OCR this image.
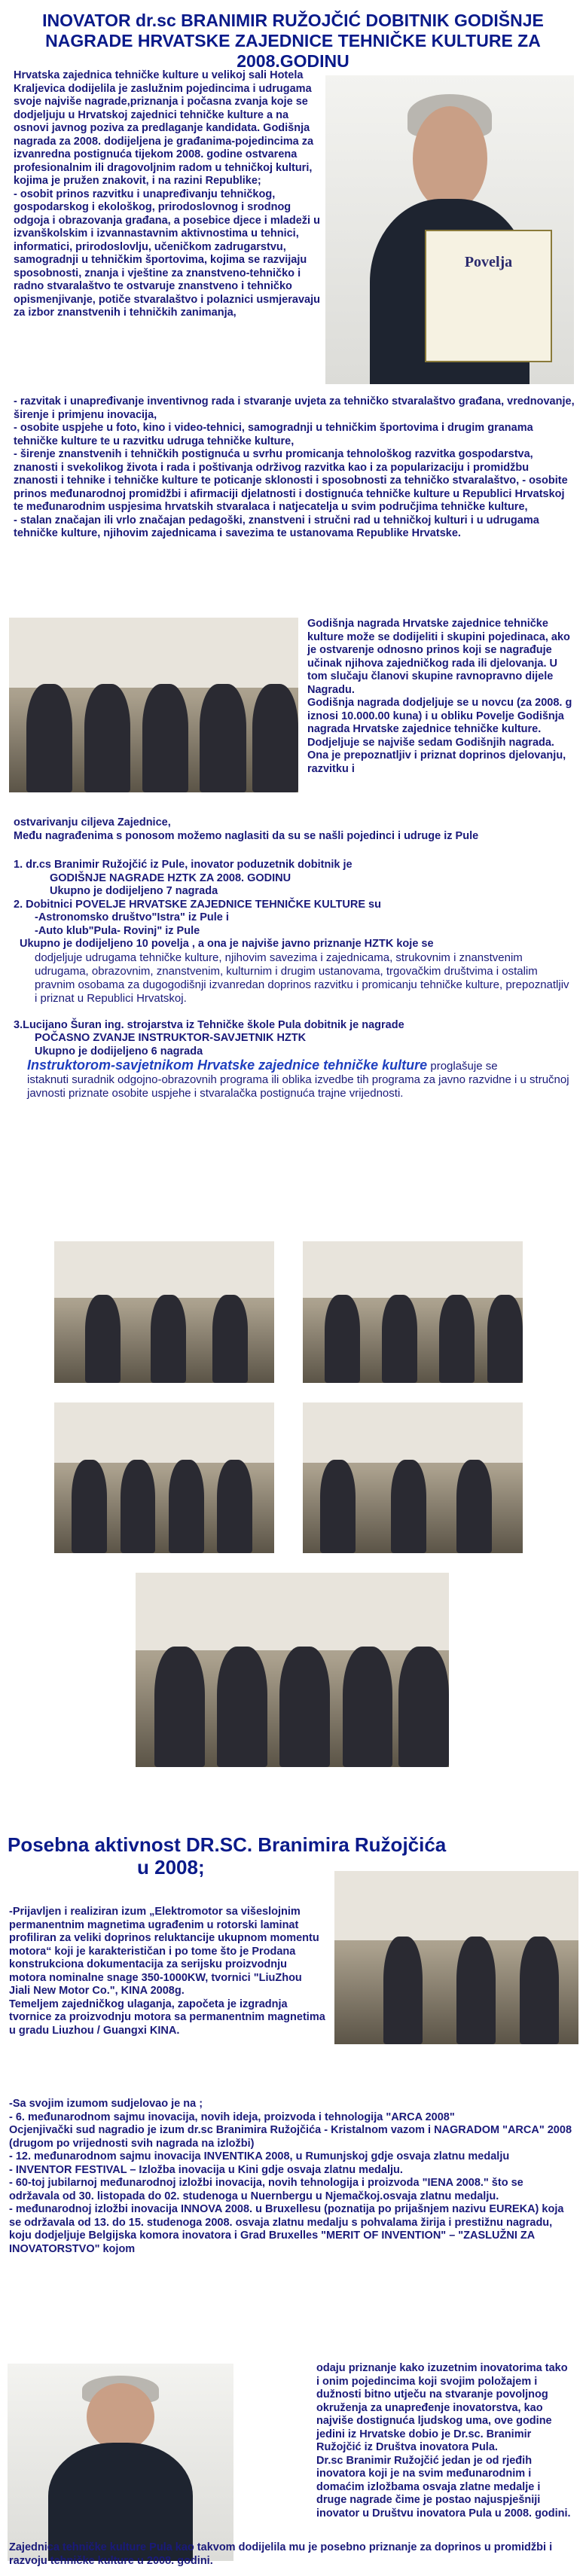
INOVATOR dr.sc BRANIMIR RUŽOJČIĆ DOBITNIK GODIŠNJE
NAGRADE HRVATSKE ZAJEDNICE TEHNIČKE KULTURE ZA
2008.GODINU
Povelja

Hrvatska zajednica tehničke kulture u velikoj sali Hotela Kraljevica dodijelila je zaslužnim pojedincima i udrugama svoje najviše nagrade,priznanja i počasna zvanja koje se dodjeljuju u Hrvatskoj zajednici tehničke kulture a na osnovi javnog poziva za predlaganje kandidata. Godišnja nagrada za 2008. dodijeljena je građanima-pojedincima za izvanredna postignuća tijekom 2008. godine ostvarena profesionalnim ili dragovoljnim radom u tehničkoj kulturi, kojima je pružen znakovit, i na razini Republike;

- osobit prinos razvitku i unapređivanju tehničkog, gospodarskog i ekološkog, prirodoslovnog i srodnog odgoja i obrazovanja građana, a posebice djece i mladeži u izvanškolskim i izvannastavnim aktivnostima u tehnici, informatici, prirodoslovlju, učeničkom zadrugarstvu, samogradnji u tehničkim športovima, kojima se razvijaju sposobnosti, znanja i vještine za znanstveno-tehničko i radno stvaralaštvo te ostvaruje znanstveno i tehničko opismenjivanje, potiče stvaralaštvo i polaznici usmjeravaju za izbor znanstvenih i tehničkih zanimanja,

- razvitak i unapređivanje inventivnog rada i stvaranje uvjeta za tehničko stvaralaštvo građana, vrednovanje, širenje i primjenu inovacija,

- osobite uspjehe u foto, kino i video-tehnici, samogradnji u tehničkim športovima i drugim granama tehničke kulture te u razvitku udruga tehničke kulture,

- širenje znanstvenih i tehničkih postignuća u svrhu promicanja tehnološkog razvitka gospodarstva, znanosti i svekolikog života i rada i poštivanja održivog razvitka kao i za popularizaciju i promidžbu znanosti i tehnike i tehničke kulture te poticanje sklonosti i sposobnosti za tehničko stvaralaštvo, - osobite prinos međunarodnoj promidžbi i afirmaciji djelatnosti i dostignuća tehničke kulture u Republici Hrvatskoj te međunarodnim uspjesima hrvatskih stvaralaca i natjecatelja u svim područjima tehničke kulture,

- stalan značajan ili vrlo značajan pedagoški, znanstveni i stručni rad u tehničkoj kulturi i u udrugama tehničke kulture, njihovim zajednicama i savezima te ustanovama Republike Hrvatske.

Godišnja nagrada Hrvatske zajednice tehničke kulture može se dodijeliti i skupini pojedinaca, ako je ostvarenje odnosno prinos koji se nagrađuje učinak njihova zajedničkog rada ili djelovanja. U tom slučaju članovi skupine ravnopravno dijele Nagradu.

Godišnja nagrada dodjeljuje se u novcu (za 2008. g iznosi 10.000.00 kuna) i u obliku Povelje Godišnja nagrada Hrvatske zajednice tehničke kulture. Dodjeljuje se najviše sedam Godišnjih nagrada. Ona je prepoznatljiv i priznat doprinos djelovanju, razvitku i

ostvarivanju ciljeva Zajednice,

Među nagrađenima s ponosom možemo naglasiti da su se našli pojedinci i udruge iz Pule

1. dr.cs Branimir Ružojčić iz Pule, inovator poduzetnik dobitnik je

GODIŠNJE NAGRADE HZTK ZA 2008. GODINU

Ukupno je dodijeljeno 7 nagrada

2. Dobitnici POVELJE HRVATSKE ZAJEDNICE TEHNIČKE KULTURE su

-Astronomsko društvo"Istra" iz Pule i

-Auto klub"Pula- Rovinj" iz Pule

Ukupno je dodijeljeno 10 povelja , a ona je najviše javno priznanje HZTK koje se

dodjeljuje udrugama tehničke kulture, njihovim savezima i zajednicama, strukovnim i znanstvenim udrugama, obrazovnim, znanstvenim, kulturnim i drugim ustanovama, trgovačkim društvima i ostalim pravnim osobama za dugogodišnji izvanredan doprinos razvitku i promicanju tehničke kulture, prepoznatljiv i priznat u Republici Hrvatskoj.

3.Lucijano Šuran ing. strojarstva iz Tehničke škole Pula dobitnik je nagrade

POČASNO ZVANJE INSTRUKTOR-SAVJETNIK HZTK

Ukupno je dodijeljeno 6 nagrada

Instruktorom-savjetnikom Hrvatske zajednice tehničke kulture proglašuje se

istaknuti suradnik odgojno-obrazovnih programa ili oblika izvedbe tih programa za javno razvidne i u stručnoj javnosti priznate osobite uspjehe i stvaralačka postignuća trajne vrijednosti.

Posebna aktivnost DR.SC. Branimira Ružojčića
u 2008;

-Prijavljen i realiziran izum „Elektromotor sa višeslojnim permanentnim magnetima ugrađenim u rotorski laminat profiliran za veliki doprinos reluktancije ukupnom momentu motora“ koji je karakterističan i po tome što je Prodana konstrukciona dokumentacija za serijsku proizvodnju motora nominalne snage 350-1000KW, tvornici "LiuZhou Jiali New Motor Co.", KINA 2008g.

Temeljem zajedničkog ulaganja, započeta je izgradnja tvornice za proizvodnju motora sa permanentnim magnetima u gradu Liuzhou / Guangxi KINA.

-Sa svojim izumom sudjelovao je na ;

- 6. međunarodnom sajmu inovacija, novih ideja, proizvoda i tehnologija "ARCA 2008"

Ocjenjivački sud nagradio je izum dr.sc Branimira Ružojčića - Kristalnom vazom i NAGRADOM "ARCA" 2008 (drugom po vrijednosti svih nagrada na izložbi)

- 12. međunarodnom sajmu inovacija INVENTIKA 2008, u Rumunjskoj gdje osvaja zlatnu medalju

- INVENTOR FESTIVAL – Izložba inovacija u Kini gdje osvaja zlatnu medalju.

- 60-toj jubilarnoj međunarodnoj izložbi inovacija, novih tehnologija i proizvoda "IENA 2008." što se održavala od 30. listopada do 02. studenoga u Nuernbergu u Njemačkoj.osvaja zlatnu medalju.

- međunarodnoj izložbi inovacija INNOVA 2008. u Bruxellesu (poznatija po prijašnjem nazivu EUREKA) koja se održavala od 13. do 15. studenoga 2008. osvaja zlatnu medalju s pohvalama žirija i prestižnu nagradu, koju dodjeljuje Belgijska komora inovatora i Grad Bruxelles "MERIT OF INVENTION" – "ZASLUŽNI ZA INOVATORSTVO" kojom

odaju priznanje kako izuzetnim inovatorima tako i onim pojedincima koji svojim položajem i dužnosti bitno utječu na stvaranje povoljnog okruženja za unapređenje inovatorstva, kao najviše dostignuća ljudskog uma, ove godine jedini iz Hrvatske dobio je Dr.sc. Branimir Ružojčić iz Društva inovatora Pula.

Dr.sc Branimir Ružojčić jedan je od rjeđih inovatora koji je na svim međunarodnim i domaćim izložbama osvaja zlatne medalje i druge nagrade čime je postao najuspješniji inovator u Društvu inovatora Pula u 2008. godini.

Zajednica tehničke kulture Pula kao takvom dodijelila mu je posebno priznanje za doprinos u promidžbi i razvoju tehničke kulture u 2008. godini.
